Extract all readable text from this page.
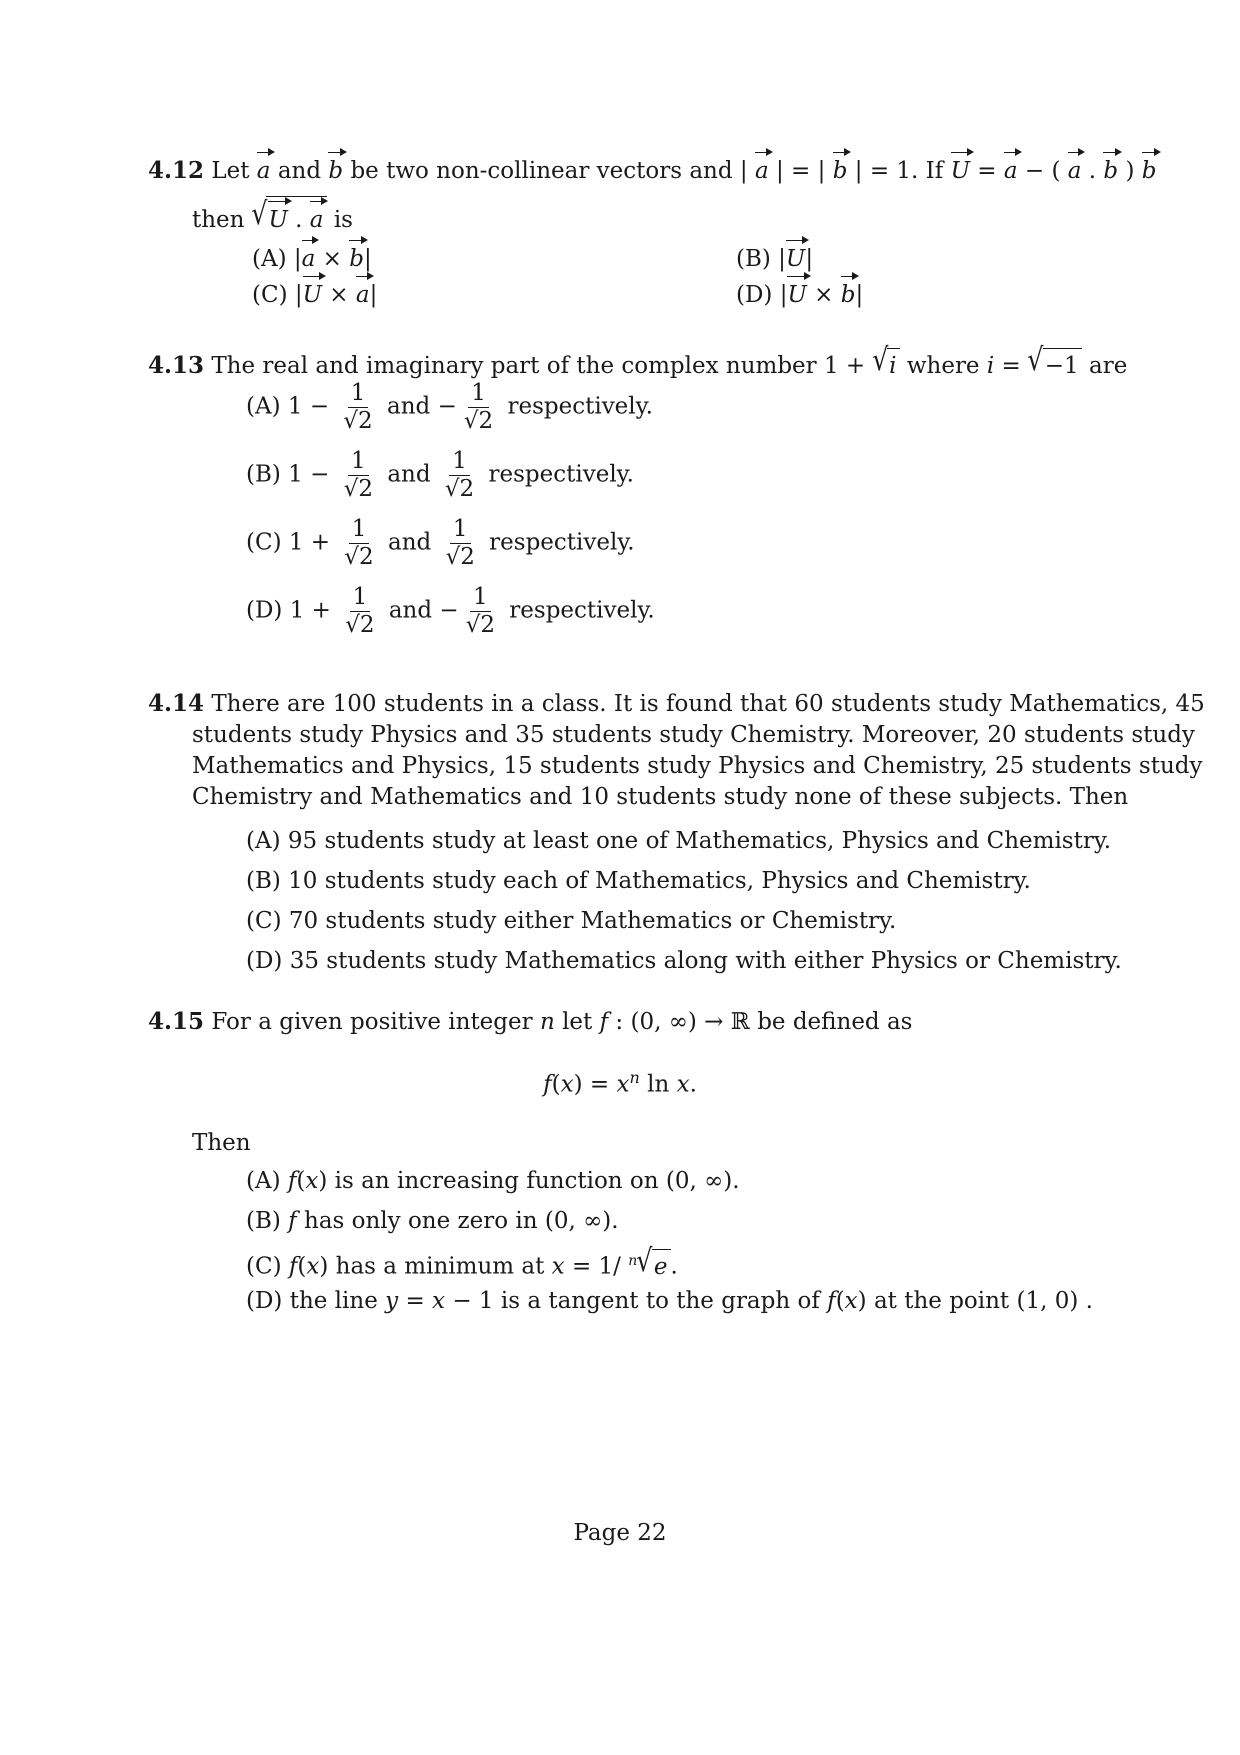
4.12 Let a and b be two non-collinear vectors and | a | = | b | = 1. If U = a − ( a . b ) b
then √U . a is
(A) |a × b|	(B) |U|
(C) |U × a|	(D) |U × b|
4.13 The real and imaginary part of the complex number 1 + √i where i = √−1 are
(A) $1 - \frac{1}{√2}$ and − $\frac{1}{√2}$ respectively.
(B) $1 - \frac{1}{√2}$ and $\frac{1}{√2}$ respectively.
(C) $1 + \frac{1}{√2}$ and $\frac{1}{√2}$ respectively.
(D) $1 + \frac{1}{√2}$ and − $\frac{1}{√2}$ respectively.
4.14 There are 100 students in a class. It is found that 60 students study Mathematics, 45
students study Physics and 35 students study Chemistry. Moreover, 20 students study
Mathematics and Physics, 15 students study Physics and Chemistry, 25 students study
Chemistry and Mathematics and 10 students study none of these subjects. Then
(A) 95 students study at least one of Mathematics, Physics and Chemistry.
(B) 10 students study each of Mathematics, Physics and Chemistry.
(C) 70 students study either Mathematics or Chemistry.
(D) 35 students study Mathematics along with either Physics or Chemistry.
4.15 For a given positive integer n let f : (0, ∞) → ℝ be defined as
$f(x) = x^n$ ln x.
Then
(A) f(x) is an increasing function on (0, ∞).
(B) f has only one zero in (0, ∞).
(C) f(x) has a minimum at x = 1/ $^n$√e .
(D) the line y = x − 1 is a tangent to the graph of f(x) at the point (1, 0) .
Page 22
